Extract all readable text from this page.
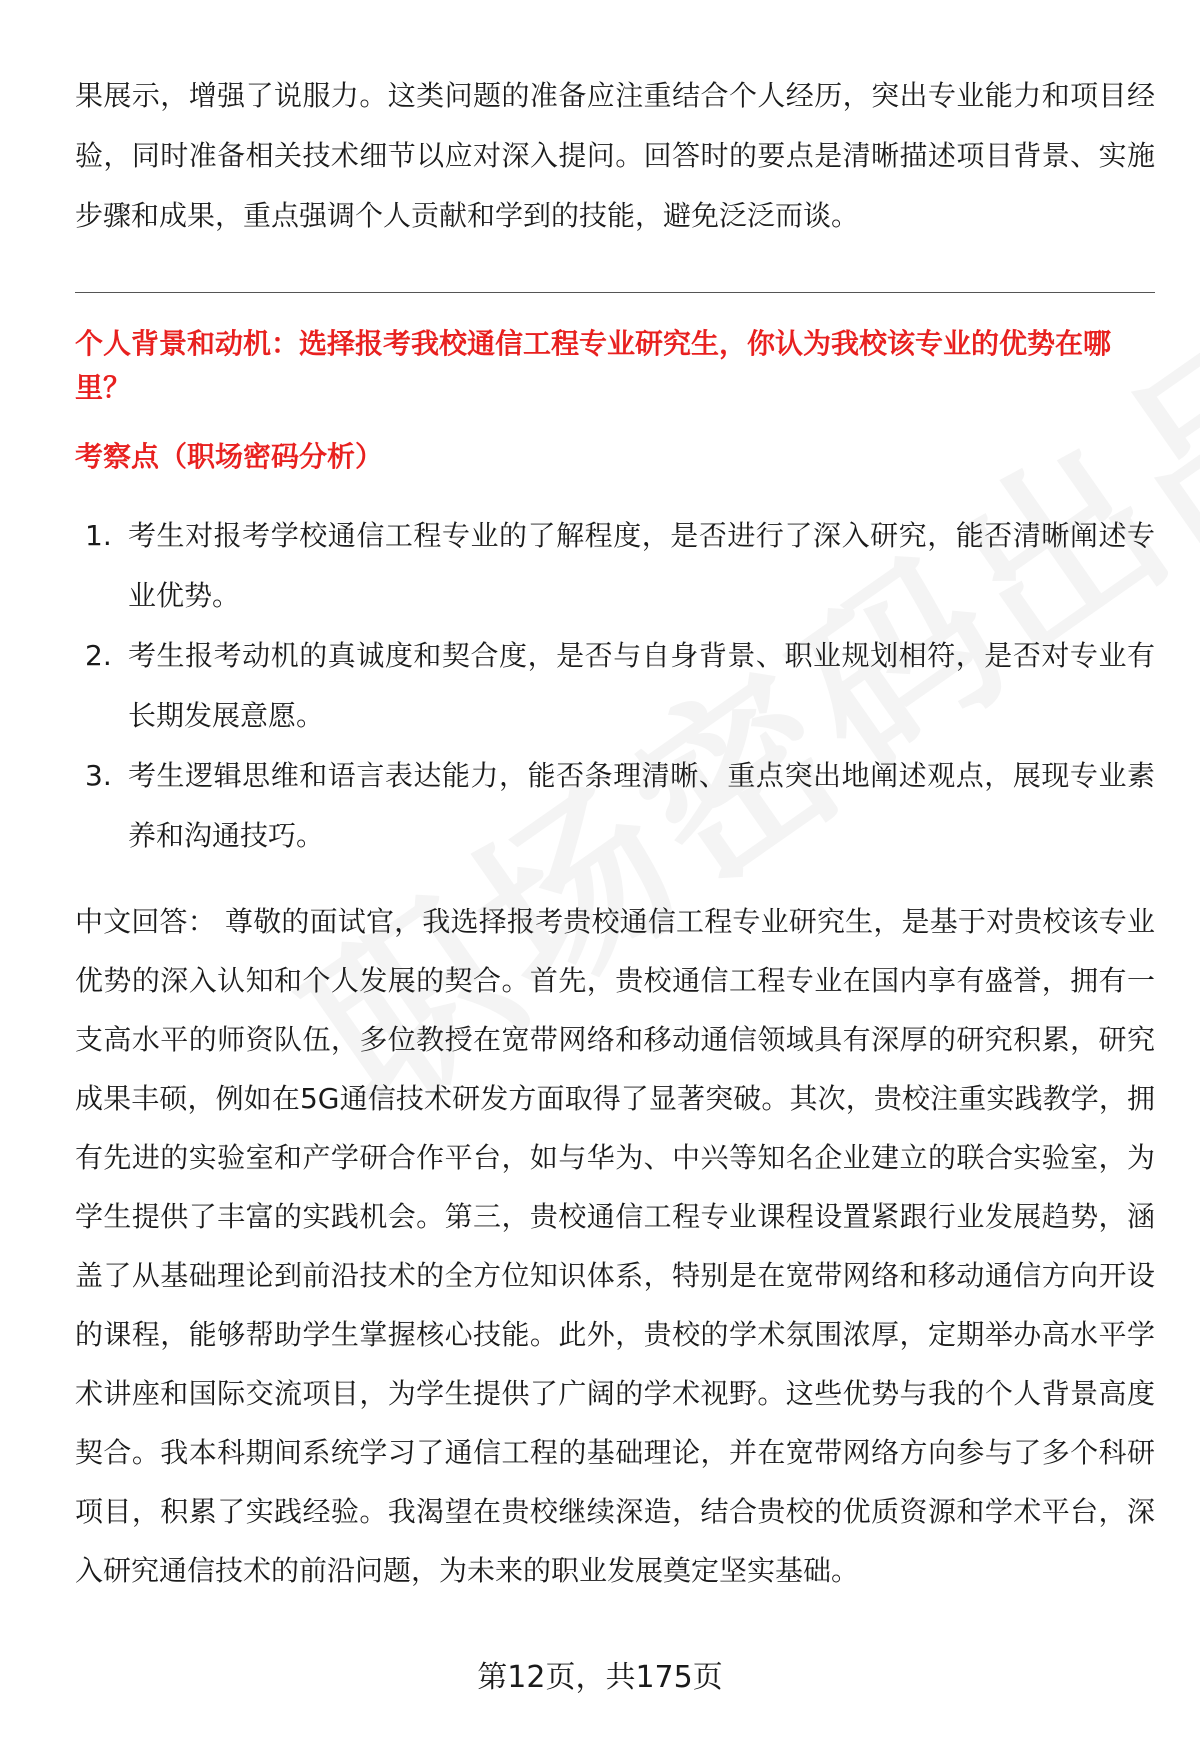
果展示，增强了说服力。这类问题的准备应注重结合个人经历，突出专业能力和项目经验，同时准备相关技术细节以应对深入提问。回答时的要点是清晰描述项目背景、实施步骤和成果，重点强调个人贡献和学到的技能，避免泛泛而谈。

个人背景和动机：选择报考我校通信工程专业研究生，你认为我校该专业的优势在哪里？
考察点（职场密码分析）
1. 考生对报考学校通信工程专业的了解程度，是否进行了深入研究，能否清晰阐述专业优势。
2. 考生报考动机的真诚度和契合度，是否与自身背景、职业规划相符，是否对专业有长期发展意愿。
3. 考生逻辑思维和语言表达能力，能否条理清晰、重点突出地阐述观点，展现专业素养和沟通技巧。
中文回答： 尊敬的面试官，我选择报考贵校通信工程专业研究生，是基于对贵校该专业优势的深入认知和个人发展的契合。首先，贵校通信工程专业在国内享有盛誉，拥有一支高水平的师资队伍，多位教授在宽带网络和移动通信领域具有深厚的研究积累，研究成果丰硕，例如在5G通信技术研发方面取得了显著突破。其次，贵校注重实践教学，拥有先进的实验室和产学研合作平台，如与华为、中兴等知名企业建立的联合实验室，为学生提供了丰富的实践机会。第三，贵校通信工程专业课程设置紧跟行业发展趋势，涵盖了从基础理论到前沿技术的全方位知识体系，特别是在宽带网络和移动通信方向开设的课程，能够帮助学生掌握核心技能。此外，贵校的学术氛围浓厚，定期举办高水平学术讲座和国际交流项目，为学生提供了广阔的学术视野。这些优势与我的个人背景高度契合。我本科期间系统学习了通信工程的基础理论，并在宽带网络方向参与了多个科研项目，积累了实践经验。我渴望在贵校继续深造，结合贵校的优质资源和学术平台，深入研究通信技术的前沿问题，为未来的职业发展奠定坚实基础。
第12页，共175页
